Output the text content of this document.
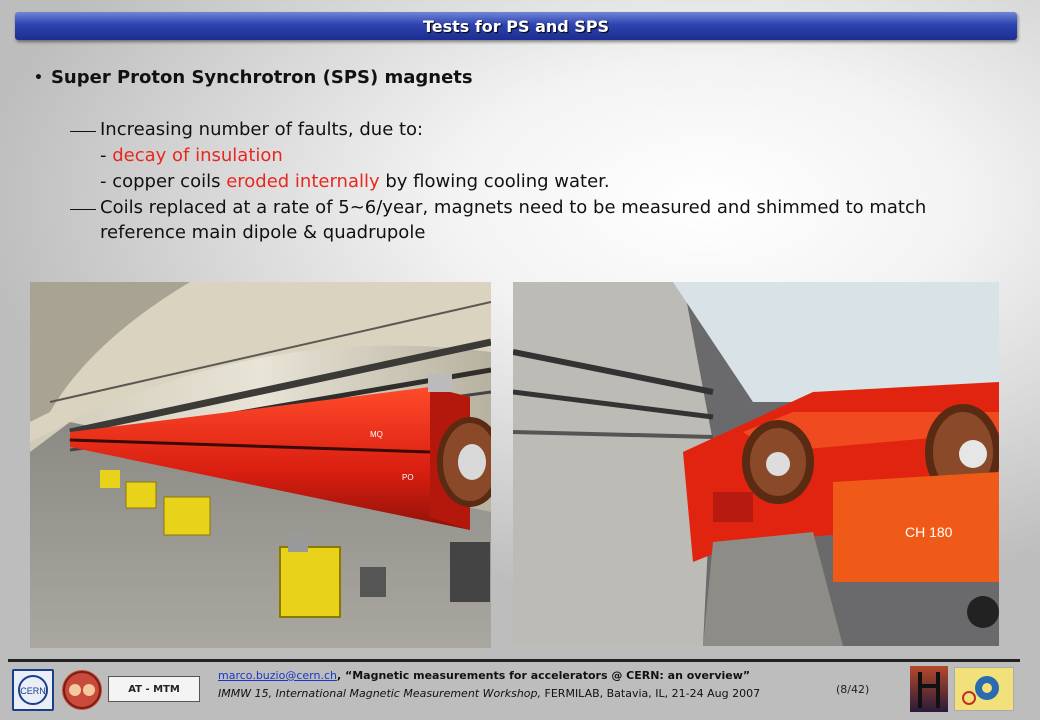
Tests for PS and SPS
• Super Proton Synchrotron (SPS) magnets
Increasing number of faults, due to:
- decay of insulation
- copper coils eroded internally by flowing cooling water.
Coils replaced at a rate of 5~6/year, magnets need to be measured and shimmed to match
reference main dipole & quadrupole
MQ
PO
CH 180
CERN	AT - MTM
marco.buzio@cern.ch, “Magnetic measurements for accelerators @ CERN: an overview”
IMMW 15, International Magnetic Measurement Workshop, FERMILAB, Batavia, IL, 21-24 Aug 2007	(8/42)
